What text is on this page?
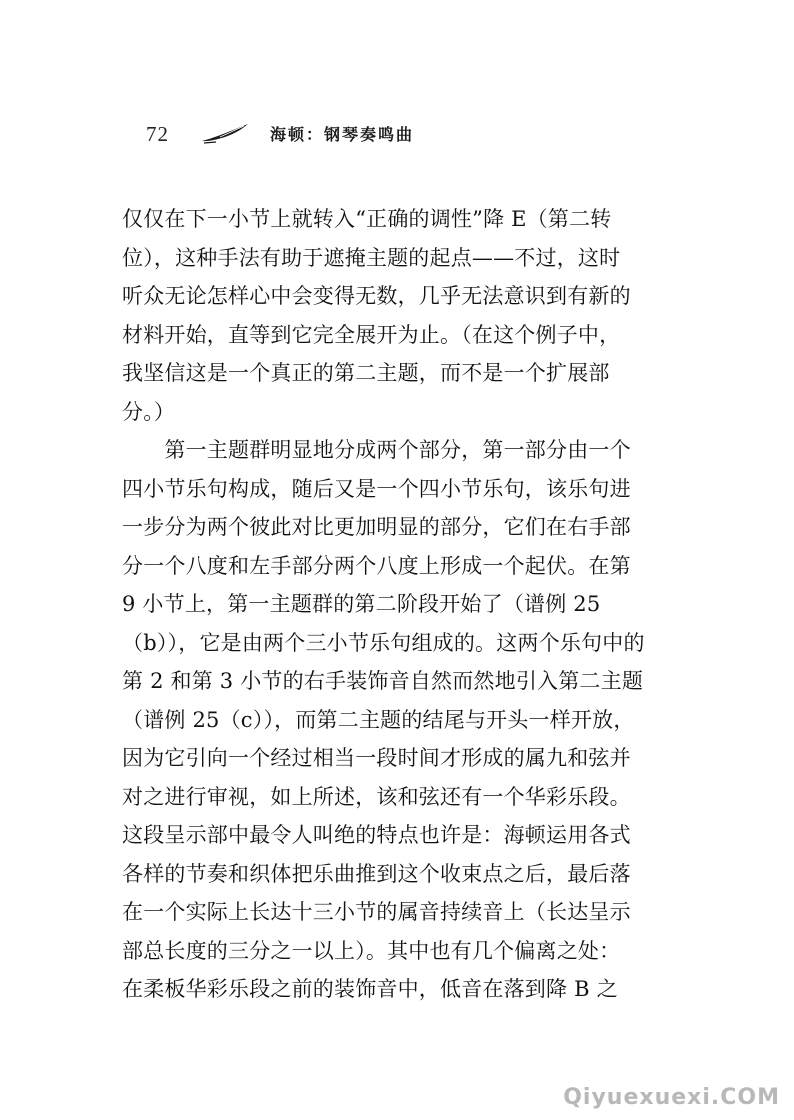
72	海顿：钢琴奏鸣曲
仅仅在下一小节上就转入“正确的调性”降 E（第二转
位），这种手法有助于遮掩主题的起点——不过，这时
听众无论怎样心中会变得无数，几乎无法意识到有新的
材料开始，直等到它完全展开为止。（在这个例子中，
我坚信这是一个真正的第二主题，而不是一个扩展部
分。）
　　第一主题群明显地分成两个部分，第一部分由一个
四小节乐句构成，随后又是一个四小节乐句，该乐句进
一步分为两个彼此对比更加明显的部分，它们在右手部
分一个八度和左手部分两个八度上形成一个起伏。在第
9 小节上，第一主题群的第二阶段开始了（谱例 25
（b）），它是由两个三小节乐句组成的。这两个乐句中的
第 2 和第 3 小节的右手装饰音自然而然地引入第二主题
（谱例 25（c）），而第二主题的结尾与开头一样开放，
因为它引向一个经过相当一段时间才形成的属九和弦并
对之进行审视，如上所述，该和弦还有一个华彩乐段。
这段呈示部中最令人叫绝的特点也许是：海顿运用各式
各样的节奏和织体把乐曲推到这个收束点之后，最后落
在一个实际上长达十三小节的属音持续音上（长达呈示
部总长度的三分之一以上）。其中也有几个偏离之处：
在柔板华彩乐段之前的装饰音中，低音在落到降 B 之
Qiyuexuexi.COM
